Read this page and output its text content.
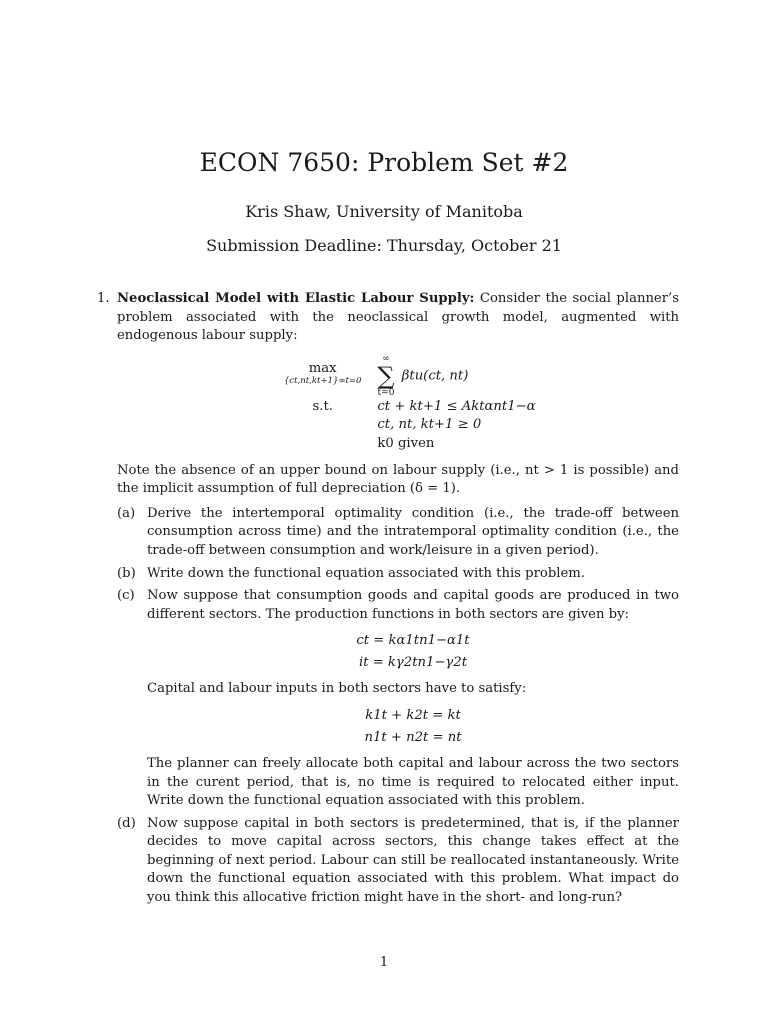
ECON 7650: Problem Set #2
Kris Shaw, University of Manitoba
Submission Deadline: Thursday, October 21
1. Neoclassical Model with Elastic Labour Supply: Consider the social planner’s problem associated with the neoclassical growth model, augmented with endogenous labour supply:
max
{ct,nt,kt+1}∞t=0	∞
∑
t=0
βtu(ct, nt)
s.t.	ct + kt+1 ≤ Aktαnt1−α
	ct, nt, kt+1 ≥ 0
	k0 given
Note the absence of an upper bound on labour supply (i.e., nt > 1 is possible) and the implicit assumption of full depreciation (δ = 1).
(a) Derive the intertemporal optimality condition (i.e., the trade-off between consumption across time) and the intratemporal optimality condition (i.e., the trade-off between consumption and work/leisure in a given period).
(b) Write down the functional equation associated with this problem.
(c) Now suppose that consumption goods and capital goods are produced in two different sectors. The production functions in both sectors are given by:
ct = kα1tn1−α1t
it = kγ2tn1−γ2t
Capital and labour inputs in both sectors have to satisfy:
k1t + k2t = kt
n1t + n2t = nt
The planner can freely allocate both capital and labour across the two sectors in the curent period, that is, no time is required to relocated either input. Write down the functional equation associated with this problem.
(d) Now suppose capital in both sectors is predetermined, that is, if the planner decides to move capital across sectors, this change takes effect at the beginning of next period. Labour can still be reallocated instantaneously. Write down the functional equation associated with this problem. What impact do you think this allocative friction might have in the short- and long-run?
1
